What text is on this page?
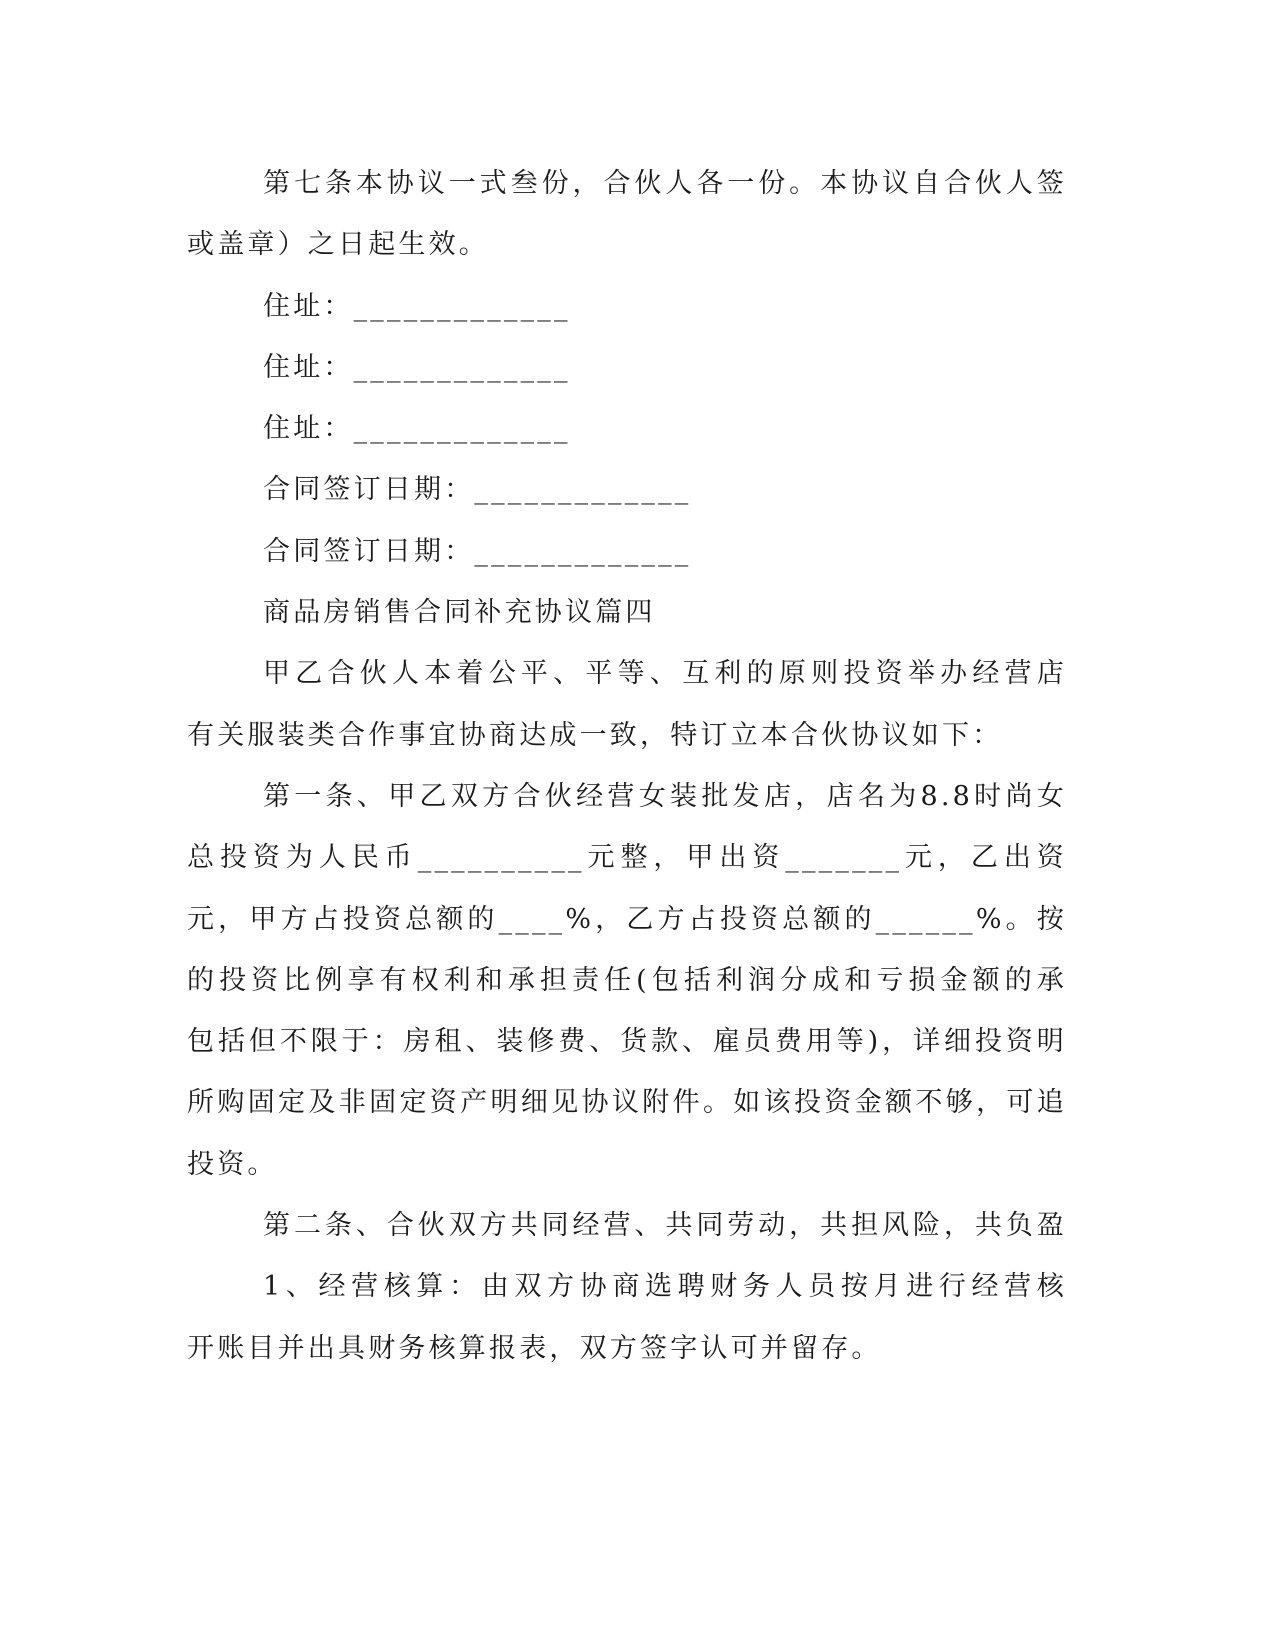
第七条本协议一式叁份，合伙人各一份。本协议自合伙人签
或盖章）之日起生效。
住址：_____________
住址：_____________
住址：_____________
合同签订日期：_____________
合同签订日期：_____________
商品房销售合同补充协议篇四
甲乙合伙人本着公平、平等、互利的原则投资举办经营店
有关服装类合作事宜协商达成一致，特订立本合伙协议如下：
第一条、甲乙双方合伙经营女装批发店，店名为8.8时尚女
总投资为人民币__________元整，甲出资_______元，乙出资
元，甲方占投资总额的____%，乙方占投资总额的______%。按
的投资比例享有权利和承担责任(包括利润分成和亏损金额的承
包括但不限于：房租、装修费、货款、雇员费用等)，详细投资明
所购固定及非固定资产明细见协议附件。如该投资金额不够，可追
投资。
第二条、合伙双方共同经营、共同劳动，共担风险，共负盈
1、经营核算：由双方协商选聘财务人员按月进行经营核
开账目并出具财务核算报表，双方签字认可并留存。
